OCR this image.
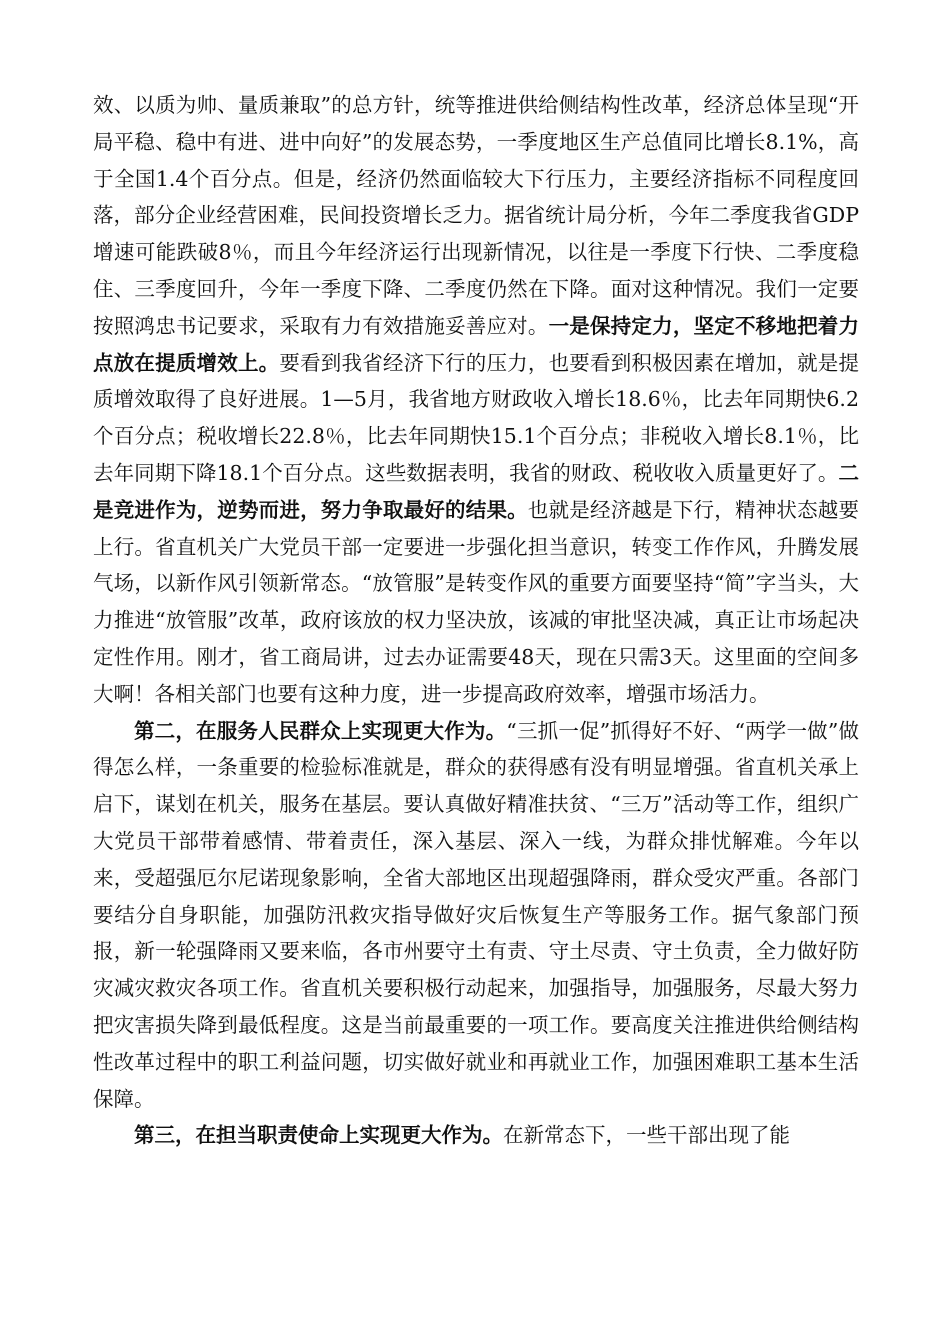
效、以质为帅、量质兼取”的总方针，统等推进供给侧结构性改革，经济总体呈现“开局平稳、稳中有进、进中向好”的发展态势，一季度地区生产总值同比增长8.1%，高于全国1.4个百分点。但是，经济仍然面临较大下行压力，主要经济指标不同程度回落，部分企业经营困难，民间投资增长乏力。据省统计局分析，今年二季度我省GDP增速可能跌破8％，而且今年经济运行出现新情况，以往是一季度下行快、二季度稳住、三季度回升，今年一季度下降、二季度仍然在下降。面对这种情况。我们一定要按照鸿忠书记要求，采取有力有效措施妥善应对。一是保持定力，坚定不移地把着力点放在提质增效上。要看到我省经济下行的压力，也要看到积极因素在增加，就是提质增效取得了良好进展。1—5月，我省地方财政收入增长18.6％，比去年同期快6.2个百分点；税收增长22.8％，比去年同期快15.1个百分点；非税收入增长8.1％，比去年同期下降18.1个百分点。这些数据表明，我省的财政、税收收入质量更好了。二是竞进作为，逆势而进，努力争取最好的结果。也就是经济越是下行，精神状态越要上行。省直机关广大党员干部一定要进一步强化担当意识，转变工作作风，升腾发展气场，以新作风引领新常态。“放管服”是转变作风的重要方面要坚持“简”字当头，大力推进“放管服”改革，政府该放的权力坚决放，该减的审批坚决减，真正让市场起决定性作用。刚才，省工商局讲，过去办证需要48天，现在只需3天。这里面的空间多大啊！各相关部门也要有这种力度，进一步提高政府效率，增强市场活力。

第二，在服务人民群众上实现更大作为。“三抓一促”抓得好不好、“两学一做”做得怎么样，一条重要的检验标准就是，群众的获得感有没有明显增强。省直机关承上启下，谋划在机关，服务在基层。要认真做好精准扶贫、“三万”活动等工作，组织广大党员干部带着感情、带着责任，深入基层、深入一线，为群众排忧解难。今年以来，受超强厄尔尼诺现象影响，全省大部地区出现超强降雨，群众受灾严重。各部门要结分自身职能，加强防汛救灾指导做好灾后恢复生产等服务工作。据气象部门预报，新一轮强降雨又要来临，各市州要守土有责、守土尽责、守土负责，全力做好防灾减灾救灾各项工作。省直机关要积极行动起来，加强指导，加强服务，尽最大努力把灾害损失降到最低程度。这是当前最重要的一项工作。要高度关注推进供给侧结构性改革过程中的职工利益问题，切实做好就业和再就业工作，加强困难职工基本生活保障。

第三，在担当职责使命上实现更大作为。在新常态下，一些干部出现了能
